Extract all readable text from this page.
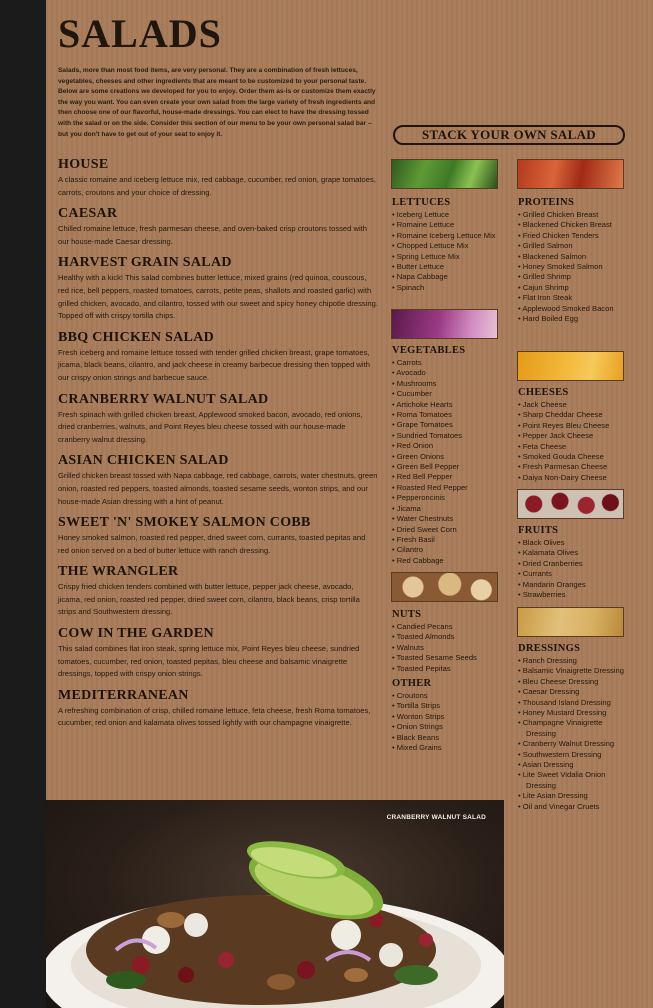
SALADS
Salads, more than most food items, are very personal. They are a combination of fresh lettuces, vegetables, cheeses and other ingredients that are meant to be customized to your personal taste. Below are some creations we developed for you to enjoy. Order them as-is or customize them exactly the way you want. You can even create your own salad from the large variety of fresh ingredients and then choose one of our flavorful, house-made dressings. You can elect to have the dressing tossed with the salad or on the side. Consider this section of our menu to be your own personal salad bar – but you don't have to get out of your seat to enjoy it.
HOUSE

A classic romaine and iceberg lettuce mix, red cabbage, cucumber, red onion, grape tomatoes, carrots, croutons and your choice of dressing.

CAESAR

Chilled romaine lettuce, fresh parmesan cheese, and oven-baked crisp croutons tossed with our house-made Caesar dressing.

HARVEST GRAIN SALAD

Healthy with a kick! This salad combines butter lettuce, mixed grains (red quinoa, couscous, red rice, bell peppers, roasted tomatoes, carrots, petite peas, shallots and roasted garlic) with grilled chicken, avocado, and cilantro, tossed with our sweet and spicy honey chipotle dressing. Topped off with crispy tortilla chips.

BBQ CHICKEN SALAD

Fresh iceberg and romaine lettuce tossed with tender grilled chicken breast, grape tomatoes, jicama, black beans, cilantro, and jack cheese in creamy barbecue dressing then topped with our crispy onion strings and barbecue sauce.

CRANBERRY WALNUT SALAD

Fresh spinach with grilled chicken breast, Applewood smoked bacon, avocado, red onions, dried cranberries, walnuts, and Point Reyes bleu cheese tossed with our house-made cranberry walnut dressing.

ASIAN CHICKEN SALAD

Grilled chicken breast tossed with Napa cabbage, red cabbage, carrots, water chestnuts, green onion, roasted red peppers, toasted almonds, toasted sesame seeds, wonton strips, and our house-made Asian dressing with a hint of peanut.

SWEET 'N' SMOKEY SALMON COBB

Honey smoked salmon, roasted red pepper, dried sweet corn, currants, toasted pepitas and red onion served on a bed of butter lettuce with ranch dressing.

THE WRANGLER

Crispy fried chicken tenders combined with butter lettuce, pepper jack cheese, avocado, jicama, red onion, roasted red pepper, dried sweet corn, cilantro, black beans, crisp tortilla strips and Southwestern dressing.

COW IN THE GARDEN

This salad combines flat iron steak, spring lettuce mix, Point Reyes bleu cheese, sundried tomatoes, cucumber, red onion, toasted pepitas, bleu cheese and balsamic vinaigrette dressings, topped with crispy onion strings.

MEDITERRANEAN

A refreshing combination of crisp, chilled romaine lettuce, feta cheese, fresh Roma tomatoes, cucumber, red onion and kalamata olives tossed lightly with our champagne vinaigrette.

STACK YOUR OWN SALAD
LETTUCES
• Iceberg Lettuce
• Romaine Lettuce
• Romaine Iceberg Lettuce Mix
• Chopped Lettuce Mix
• Spring Lettuce Mix
• Butter Lettuce
• Napa Cabbage
• Spinach
VEGETABLES
• Carrots
• Avocado
• Mushrooms
• Cucumber
• Artichoke Hearts
• Roma Tomatoes
• Grape Tomatoes
• Sundried Tomatoes
• Red Onion
• Green Onions
• Green Bell Pepper
• Red Bell Pepper
• Roasted Red Pepper
• Pepperoncinis
• Jicama
• Water Chestnuts
• Dried Sweet Corn
• Fresh Basil
• Cilantro
• Red Cabbage
NUTS
• Candied Pecans
• Toasted Almonds
• Walnuts
• Toasted Sesame Seeds
• Toasted Pepitas
OTHER
• Croutons
• Tortilla Strips
• Wonton Strips
• Onion Strings
• Black Beans
• Mixed Grains
PROTEINS
• Grilled Chicken Breast
• Blackened Chicken Breast
• Fried Chicken Tenders
• Grilled Salmon
• Blackened Salmon
• Honey Smoked Salmon
• Grilled Shrimp
• Cajun Shrimp
• Flat Iron Steak
• Applewood Smoked Bacon
• Hard Boiled Egg
CHEESES
• Jack Cheese
• Sharp Cheddar Cheese
• Point Reyes Bleu Cheese
• Pepper Jack Cheese
• Feta Cheese
• Smoked Gouda Cheese
• Fresh Parmesan Cheese
• Daiya Non-Dairy Cheese
FRUITS
• Black Olives
• Kalamata Olives
• Dried Cranberries
• Currants
• Mandarin Oranges
• Strawberries
DRESSINGS
• Ranch Dressing
• Balsamic Vinaigrette Dressing
• Bleu Cheese Dressing
• Caesar Dressing
• Thousand Island Dressing
• Honey Mustard Dressing
• Champagne Vinaigrette Dressing
• Cranberry Walnut Dressing
• Southwestern Dressing
• Asian Dressing
• Lite Sweet Vidalia Onion Dressing
• Lite Asian Dressing
• Oil and Vinegar Cruets
CRANBERRY WALNUT SALAD
